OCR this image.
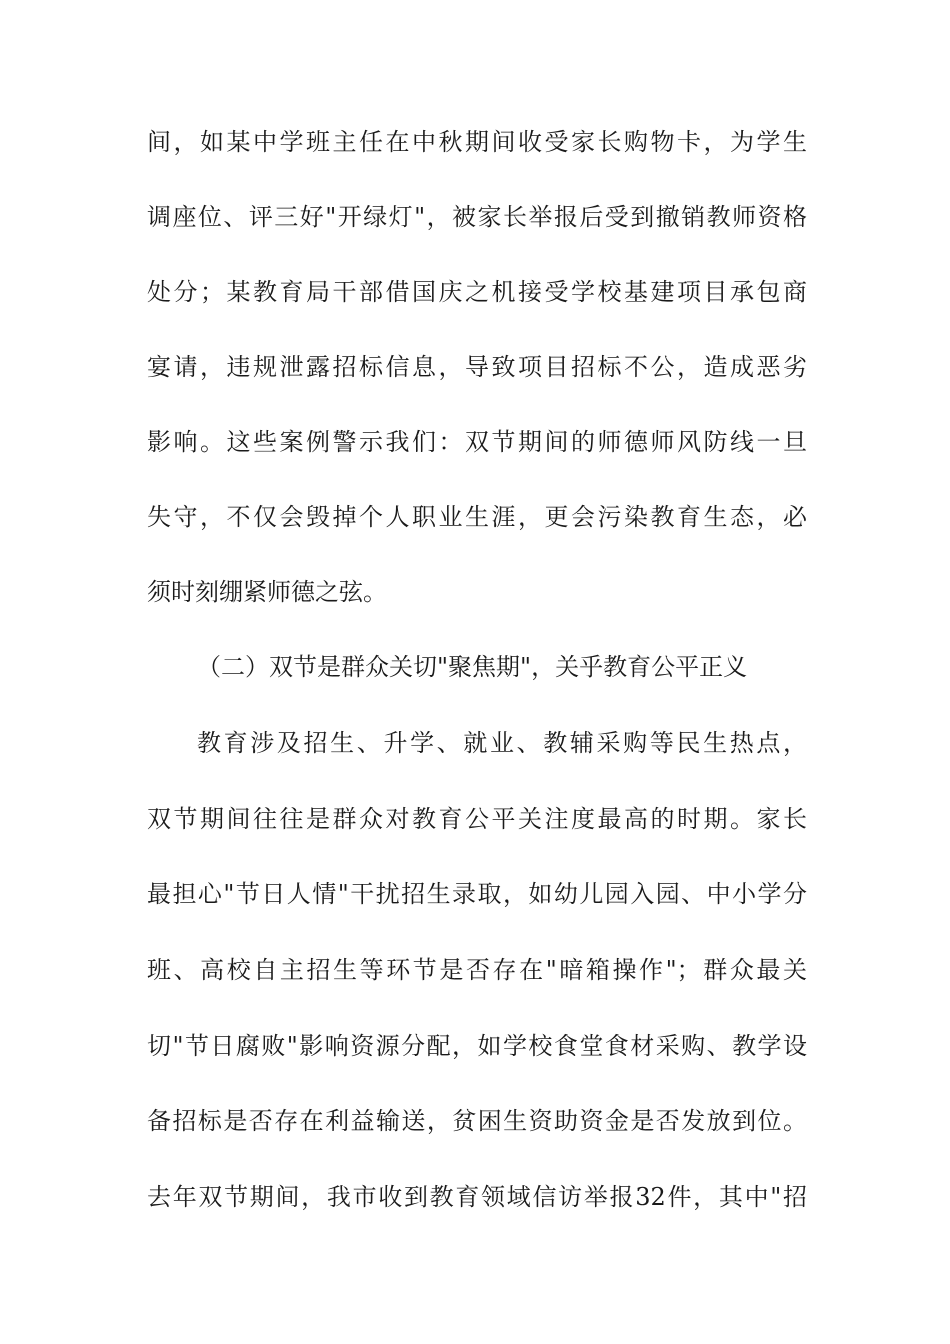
间，如某中学班主任在中秋期间收受家长购物卡，为学生
调座位、评三好"开绿灯"，被家长举报后受到撤销教师资格
处分；某教育局干部借国庆之机接受学校基建项目承包商
宴请，违规泄露招标信息，导致项目招标不公，造成恶劣
影响。这些案例警示我们：双节期间的师德师风防线一旦
失守，不仅会毁掉个人职业生涯，更会污染教育生态，必
须时刻绷紧师德之弦。
（二）双节是群众关切"聚焦期"，关乎教育公平正义
教育涉及招生、升学、就业、教辅采购等民生热点，
双节期间往往是群众对教育公平关注度最高的时期。家长
最担心"节日人情"干扰招生录取，如幼儿园入园、中小学分
班、高校自主招生等环节是否存在"暗箱操作"；群众最关
切"节日腐败"影响资源分配，如学校食堂食材采购、教学设
备招标是否存在利益输送，贫困生资助资金是否发放到位。
去年双节期间，我市收到教育领域信访举报32件，其中"招
